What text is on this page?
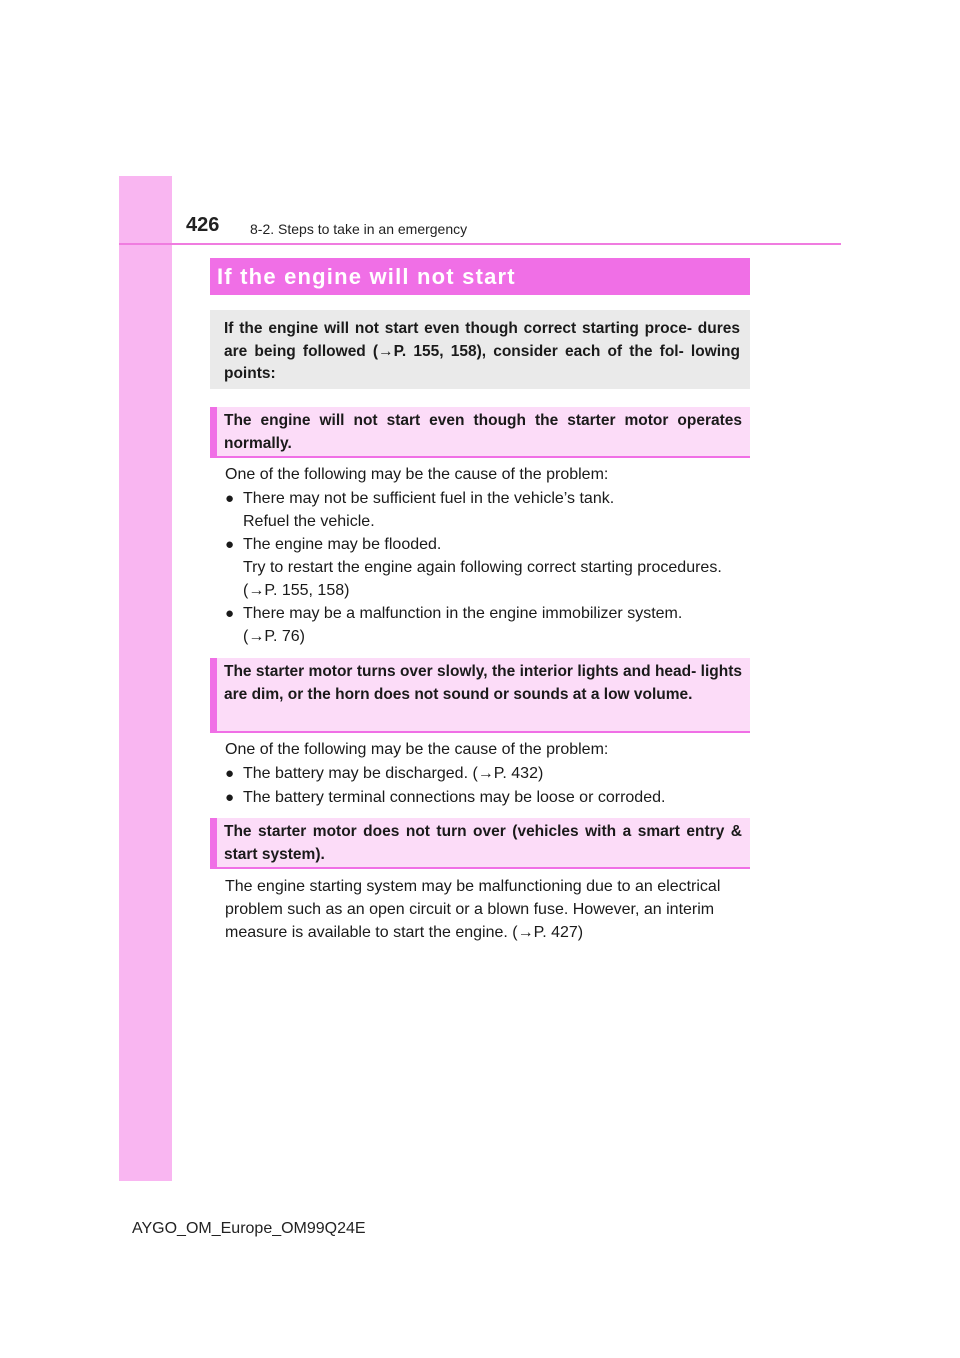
426 8-2. Steps to take in an emergency
If the engine will not start
If the engine will not start even though correct starting proce- dures are being followed (→P. 155, 158), consider each of the fol- lowing points:
The engine will not start even though the starter motor operates normally.
One of the following may be the cause of the problem:
● There may not be sufficient fuel in the vehicle’s tank.
Refuel the vehicle.
● The engine may be flooded.
Try to restart the engine again following correct starting procedures.
(→P. 155, 158)
● There may be a malfunction in the engine immobilizer system.
(→P. 76)
The starter motor turns over slowly, the interior lights and head- lights are dim, or the horn does not sound or sounds at a low volume.
One of the following may be the cause of the problem:
● The battery may be discharged. (→P. 432)
● The battery terminal connections may be loose or corroded.
The starter motor does not turn over (vehicles with a smart entry & start system).
The engine starting system may be malfunctioning due to an electrical
problem such as an open circuit or a blown fuse. However, an interim
measure is available to start the engine. (→P. 427)
AYGO_OM_Europe_OM99Q24E
